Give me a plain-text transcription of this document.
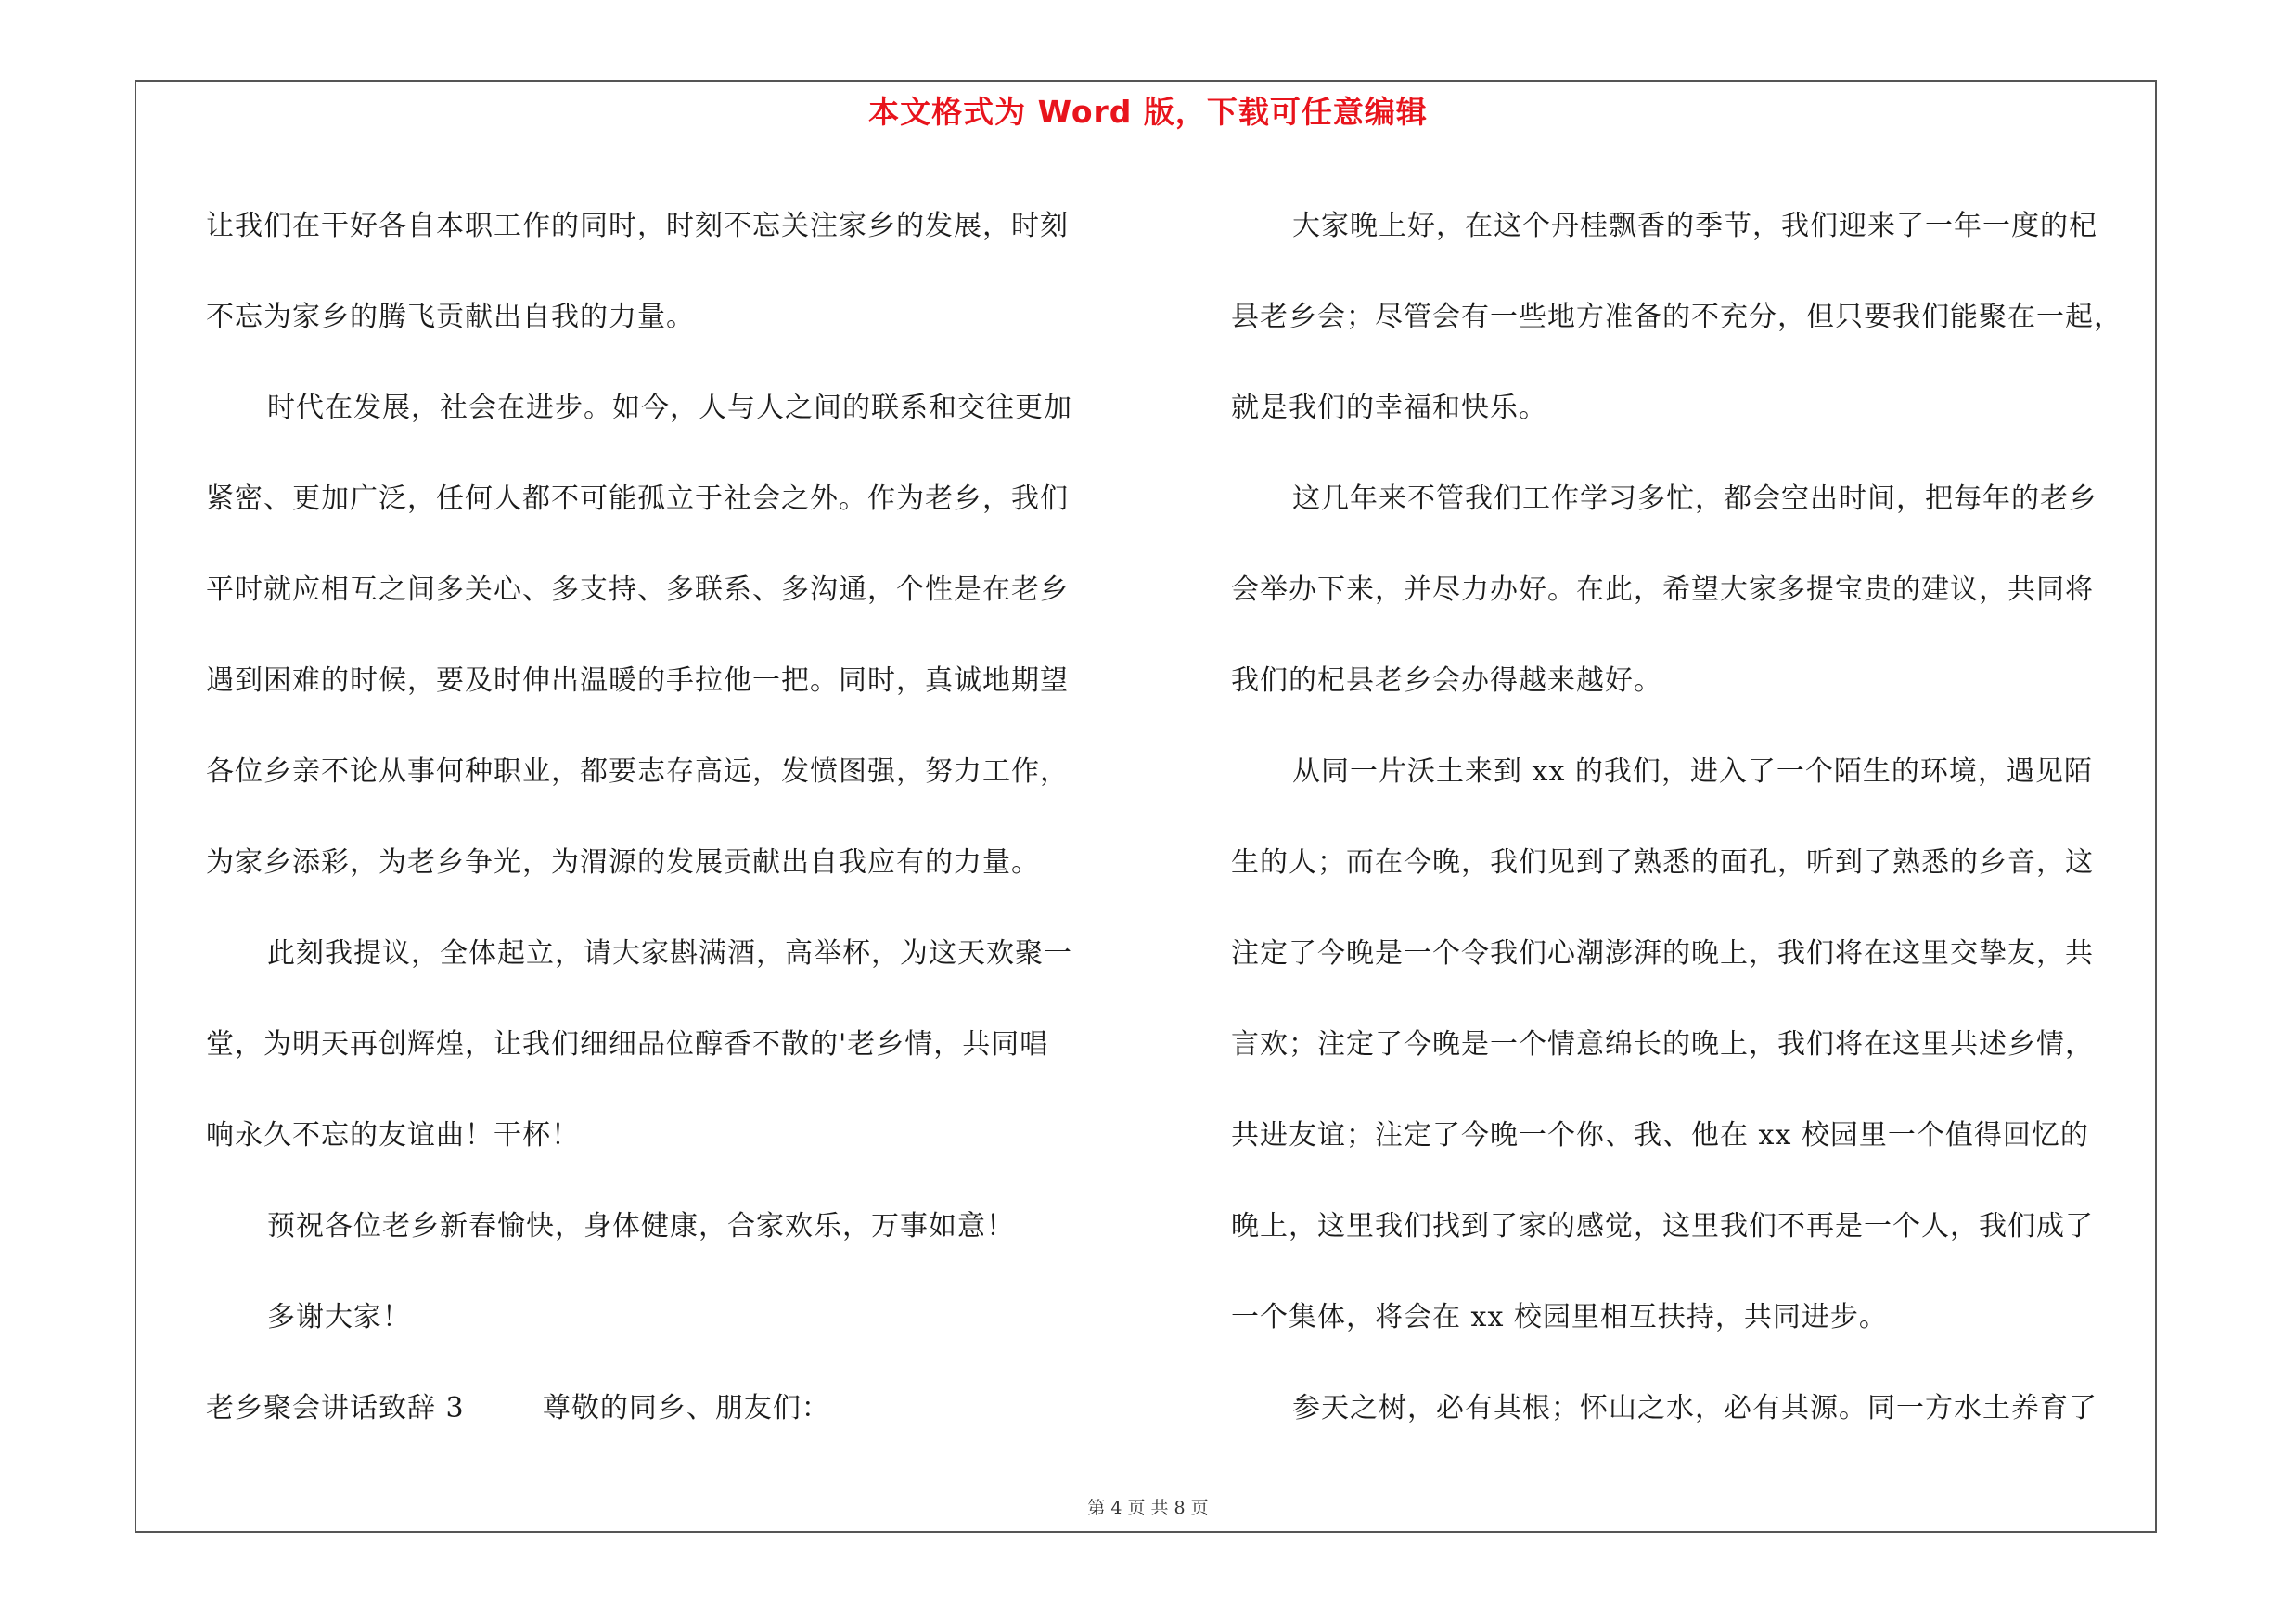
本文格式为 Word 版，下载可任意编辑

让我们在干好各自本职工作的同时，时刻不忘关注家乡的发展，时刻

不忘为家乡的腾飞贡献出自我的力量。

时代在发展，社会在进步。如今，人与人之间的联系和交往更加

紧密、更加广泛，任何人都不可能孤立于社会之外。作为老乡，我们

平时就应相互之间多关心、多支持、多联系、多沟通，个性是在老乡

遇到困难的时候，要及时伸出温暖的手拉他一把。同时，真诚地期望

各位乡亲不论从事何种职业，都要志存高远，发愤图强，努力工作，

为家乡添彩，为老乡争光，为渭源的发展贡献出自我应有的力量。

此刻我提议，全体起立，请大家斟满酒，高举杯，为这天欢聚一

堂，为明天再创辉煌，让我们细细品位醇香不散的'老乡情，共同唱

响永久不忘的友谊曲！干杯！

预祝各位老乡新春愉快，身体健康，合家欢乐，万事如意！

多谢大家！

老乡聚会讲话致辞 3        尊敬的同乡、朋友们：

大家晚上好，在这个丹桂飘香的季节，我们迎来了一年一度的杞

县老乡会；尽管会有一些地方准备的不充分，但只要我们能聚在一起，

就是我们的幸福和快乐。

这几年来不管我们工作学习多忙，都会空出时间，把每年的老乡

会举办下来，并尽力办好。在此，希望大家多提宝贵的建议，共同将

我们的杞县老乡会办得越来越好。

从同一片沃土来到 xx 的我们，进入了一个陌生的环境，遇见陌

生的人；而在今晚，我们见到了熟悉的面孔，听到了熟悉的乡音，这

注定了今晚是一个令我们心潮澎湃的晚上，我们将在这里交挚友，共

言欢；注定了今晚是一个情意绵长的晚上，我们将在这里共述乡情，

共进友谊；注定了今晚一个你、我、他在 xx 校园里一个值得回忆的

晚上，这里我们找到了家的感觉，这里我们不再是一个人，我们成了

一个集体，将会在 xx 校园里相互扶持，共同进步。

参天之树，必有其根；怀山之水，必有其源。同一方水土养育了

第 4 页 共 8 页
